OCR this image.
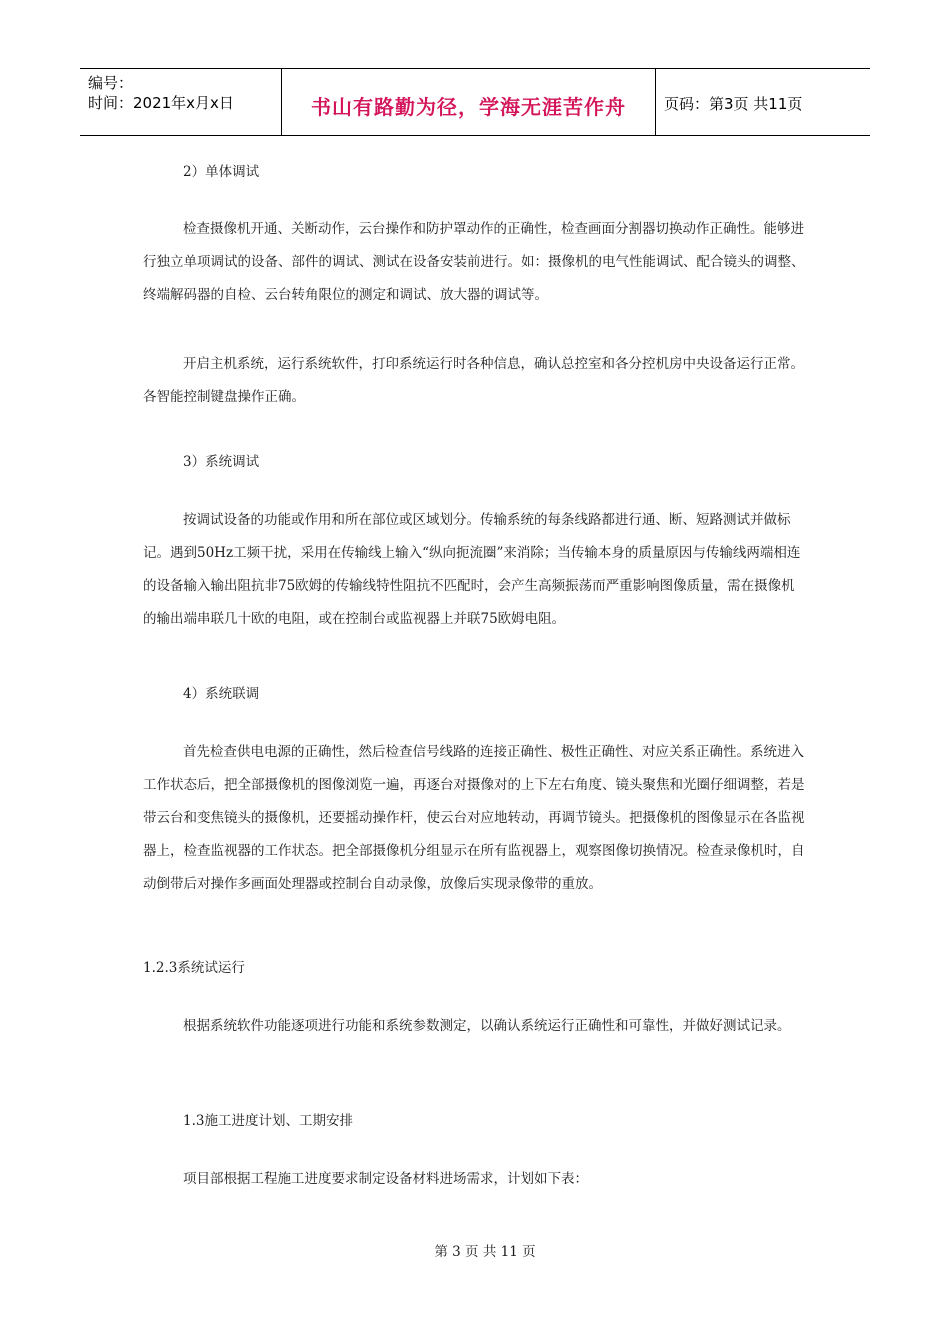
编号：
时间：2021年x月x日	书山有路勤为径，学海无涯苦作舟	页码：第3页 共11页

2）单体调试

检查摄像机开通、关断动作，云台操作和防护罩动作的正确性，检查画面分割器切换动作正确性。能够进行独立单项调试的设备、部件的调试、测试在设备安装前进行。如：摄像机的电气性能调试、配合镜头的调整、终端解码器的自检、云台转角限位的测定和调试、放大器的调试等。

开启主机系统，运行系统软件，打印系统运行时各种信息，确认总控室和各分控机房中央设备运行正常。各智能控制键盘操作正确。

3）系统调试

按调试设备的功能或作用和所在部位或区域划分。传输系统的每条线路都进行通、断、短路测试并做标记。遇到50Hz工频干扰，采用在传输线上输入“纵向扼流圈”来消除；当传输本身的质量原因与传输线两端相连的设备输入输出阻抗非75欧姆的传输线特性阻抗不匹配时，会产生高频振荡而严重影响图像质量，需在摄像机的输出端串联几十欧的电阻，或在控制台或监视器上并联75欧姆电阻。

4）系统联调

首先检查供电电源的正确性，然后检查信号线路的连接正确性、极性正确性、对应关系正确性。系统进入工作状态后，把全部摄像机的图像浏览一遍，再逐台对摄像对的上下左右角度、镜头聚焦和光圈仔细调整，若是带云台和变焦镜头的摄像机，还要摇动操作杆，使云台对应地转动，再调节镜头。把摄像机的图像显示在各监视器上，检查监视器的工作状态。把全部摄像机分组显示在所有监视器上，观察图像切换情况。检查录像机时，自动倒带后对操作多画面处理器或控制台自动录像，放像后实现录像带的重放。

1.2.3系统试运行

根据系统软件功能逐项进行功能和系统参数测定，以确认系统运行正确性和可靠性，并做好测试记录。

1.3施工进度计划、工期安排

项目部根据工程施工进度要求制定设备材料进场需求，计划如下表：

第 3 页 共 11 页
